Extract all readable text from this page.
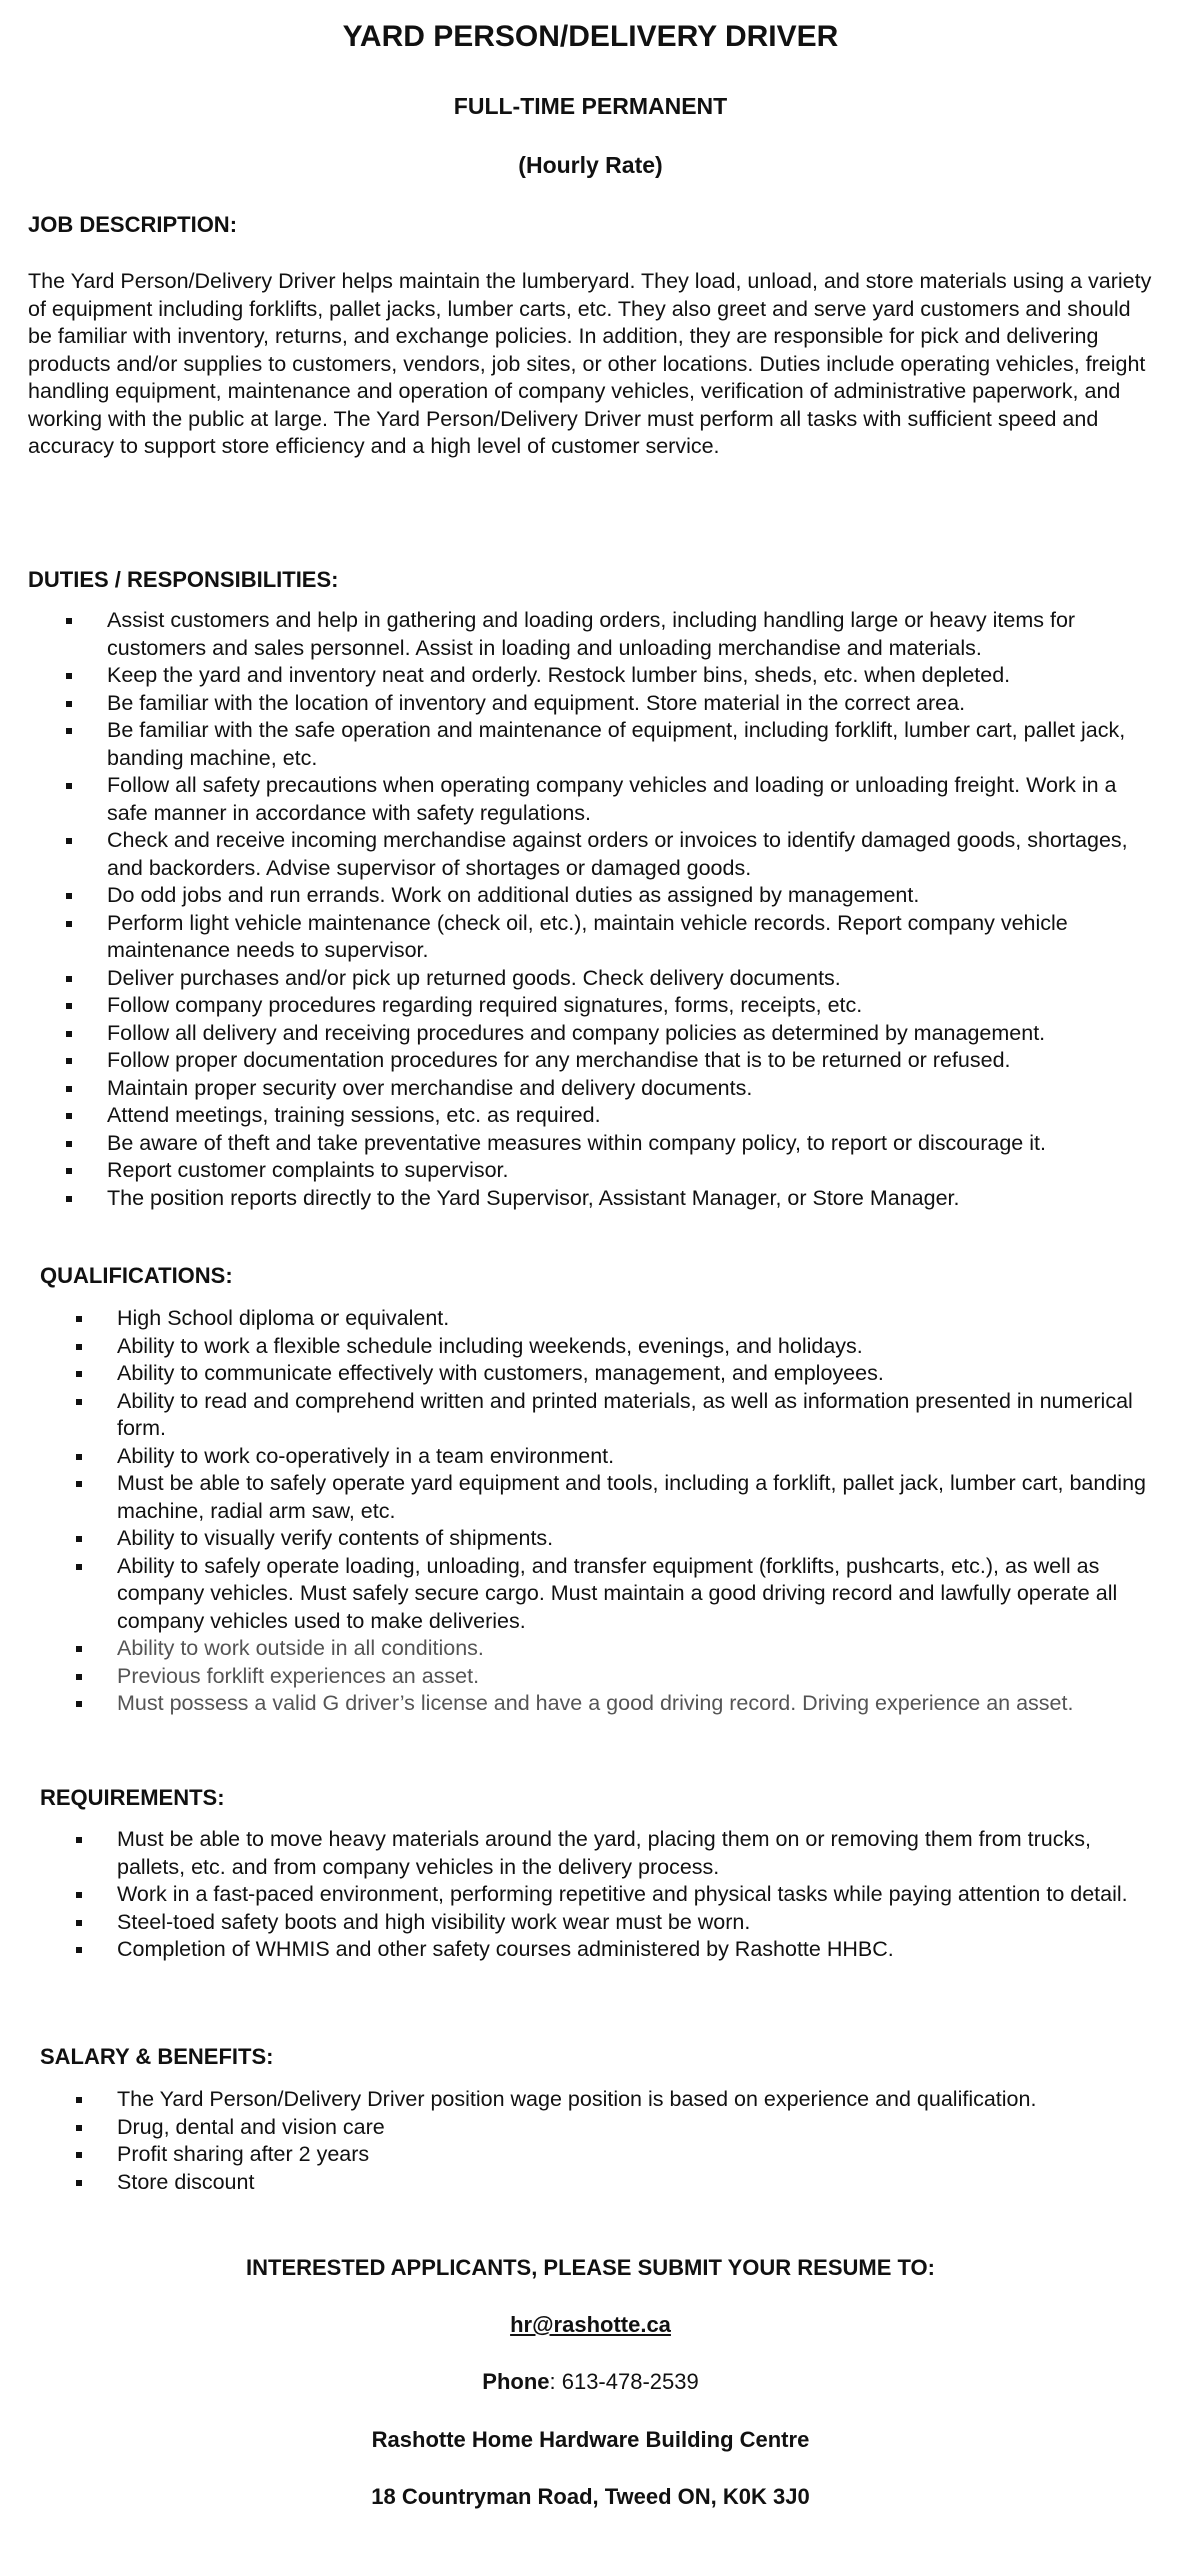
YARD PERSON/DELIVERY DRIVER
FULL-TIME PERMANENT
(Hourly Rate)
JOB DESCRIPTION:
The Yard Person/Delivery Driver helps maintain the lumberyard. They load, unload, and store materials using a variety of equipment including forklifts, pallet jacks, lumber carts, etc. They also greet and serve yard customers and should be familiar with inventory, returns, and exchange policies. In addition, they are responsible for pick and delivering products and/or supplies to customers, vendors, job sites, or other locations. Duties include operating vehicles, freight handling equipment, maintenance and operation of company vehicles, verification of administrative paperwork, and working with the public at large. The Yard Person/Delivery Driver must perform all tasks with sufficient speed and accuracy to support store efficiency and a high level of customer service.
DUTIES / RESPONSIBILITIES:
Assist customers and help in gathering and loading orders, including handling large or heavy items for customers and sales personnel. Assist in loading and unloading merchandise and materials.
Keep the yard and inventory neat and orderly. Restock lumber bins, sheds, etc. when depleted.
Be familiar with the location of inventory and equipment. Store material in the correct area.
Be familiar with the safe operation and maintenance of equipment, including forklift, lumber cart, pallet jack, banding machine, etc.
Follow all safety precautions when operating company vehicles and loading or unloading freight. Work in a safe manner in accordance with safety regulations.
Check and receive incoming merchandise against orders or invoices to identify damaged goods, shortages, and backorders. Advise supervisor of shortages or damaged goods.
Do odd jobs and run errands. Work on additional duties as assigned by management.
Perform light vehicle maintenance (check oil, etc.), maintain vehicle records. Report company vehicle maintenance needs to supervisor.
Deliver purchases and/or pick up returned goods. Check delivery documents.
Follow company procedures regarding required signatures, forms, receipts, etc.
Follow all delivery and receiving procedures and company policies as determined by management.
Follow proper documentation procedures for any merchandise that is to be returned or refused.
Maintain proper security over merchandise and delivery documents.
Attend meetings, training sessions, etc. as required.
Be aware of theft and take preventative measures within company policy, to report or discourage it.
Report customer complaints to supervisor.
The position reports directly to the Yard Supervisor, Assistant Manager, or Store Manager.
QUALIFICATIONS:
High School diploma or equivalent.
Ability to work a flexible schedule including weekends, evenings, and holidays.
Ability to communicate effectively with customers, management, and employees.
Ability to read and comprehend written and printed materials, as well as information presented in numerical form.
Ability to work co-operatively in a team environment.
Must be able to safely operate yard equipment and tools, including a forklift, pallet jack, lumber cart, banding machine, radial arm saw, etc.
Ability to visually verify contents of shipments.
Ability to safely operate loading, unloading, and transfer equipment (forklifts, pushcarts, etc.), as well as company vehicles. Must safely secure cargo. Must maintain a good driving record and lawfully operate all company vehicles used to make deliveries.
Ability to work outside in all conditions.
Previous forklift experiences an asset.
Must possess a valid G driver’s license and have a good driving record. Driving experience an asset.
REQUIREMENTS:
Must be able to move heavy materials around the yard, placing them on or removing them from trucks, pallets, etc. and from company vehicles in the delivery process.
Work in a fast-paced environment, performing repetitive and physical tasks while paying attention to detail.
Steel-toed safety boots and high visibility work wear must be worn.
Completion of WHMIS and other safety courses administered by Rashotte HHBC.
SALARY & BENEFITS:
The Yard Person/Delivery Driver position wage position is based on experience and qualification.
Drug, dental and vision care
Profit sharing after 2 years
Store discount
INTERESTED APPLICANTS, PLEASE SUBMIT YOUR RESUME TO:
hr@rashotte.ca
Phone: 613-478-2539
Rashotte Home Hardware Building Centre
18 Countryman Road, Tweed ON, K0K 3J0
